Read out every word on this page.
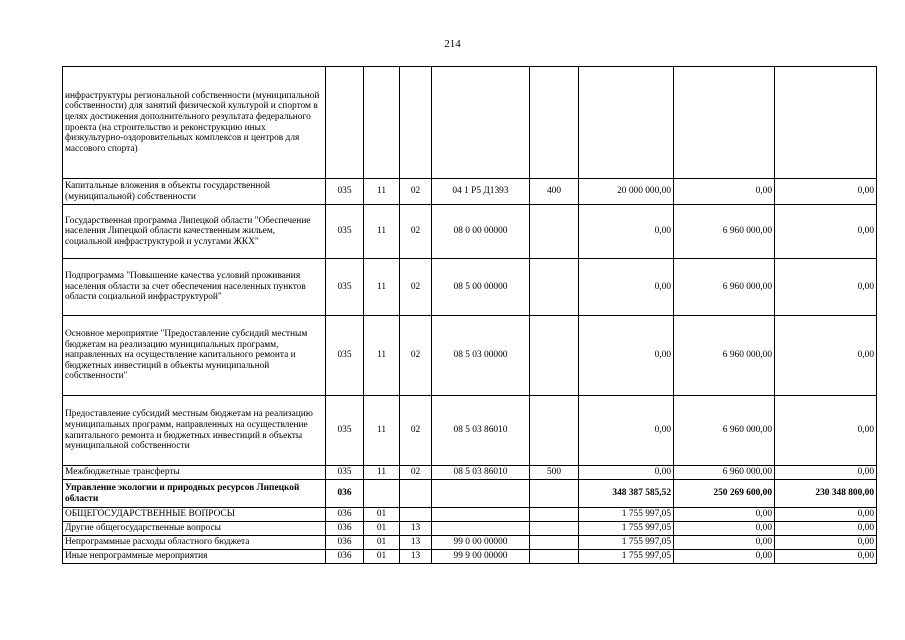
214
инфраструктуры региональной собственности (муниципальной собственности) для занятий физической культурой и спортом в целях достижения дополнительного результата федерального проекта (на строительство и реконструкцию иных физкультурно-оздоровительных комплексов и центров для массового спорта)								
Капитальные вложения в объекты государственной (муниципальной) собственности	035	11	02	04 1 P5 Д1393	400	20 000 000,00	0,00	0,00
Государственная программа Липецкой области "Обеспечение населения Липецкой области качественным жильем, социальной инфраструктурой и услугами ЖКХ"	035	11	02	08 0 00 00000		0,00	6 960 000,00	0,00
Подпрограмма "Повышение качества условий проживания населения области за счет обеспечения населенных пунктов области социальной инфраструктурой"	035	11	02	08 5 00 00000		0,00	6 960 000,00	0,00
Основное мероприятие "Предоставление субсидий местным бюджетам на реализацию муниципальных программ, направленных на осуществление капитального ремонта и бюджетных инвестиций в объекты муниципальной собственности"	035	11	02	08 5 03 00000		0,00	6 960 000,00	0,00
Предоставление субсидий местным бюджетам на реализацию муниципальных программ, направленных на осуществление капитального ремонта и бюджетных инвестиций в объекты муниципальной собственности	035	11	02	08 5 03 86010		0,00	6 960 000,00	0,00
Межбюджетные трансферты	035	11	02	08 5 03 86010	500	0,00	6 960 000,00	0,00
Управление экологии и природных ресурсов Липецкой области	036					348 387 585,52	250 269 600,00	230 348 800,00
ОБЩЕГОСУДАРСТВЕННЫЕ ВОПРОСЫ	036	01				1 755 997,05	0,00	0,00
Другие общегосударственные вопросы	036	01	13			1 755 997,05	0,00	0,00
Непрограммные расходы областного бюджета	036	01	13	99 0 00 00000		1 755 997,05	0,00	0,00
Иные непрограммные мероприятия	036	01	13	99 9 00 00000		1 755 997,05	0,00	0,00
